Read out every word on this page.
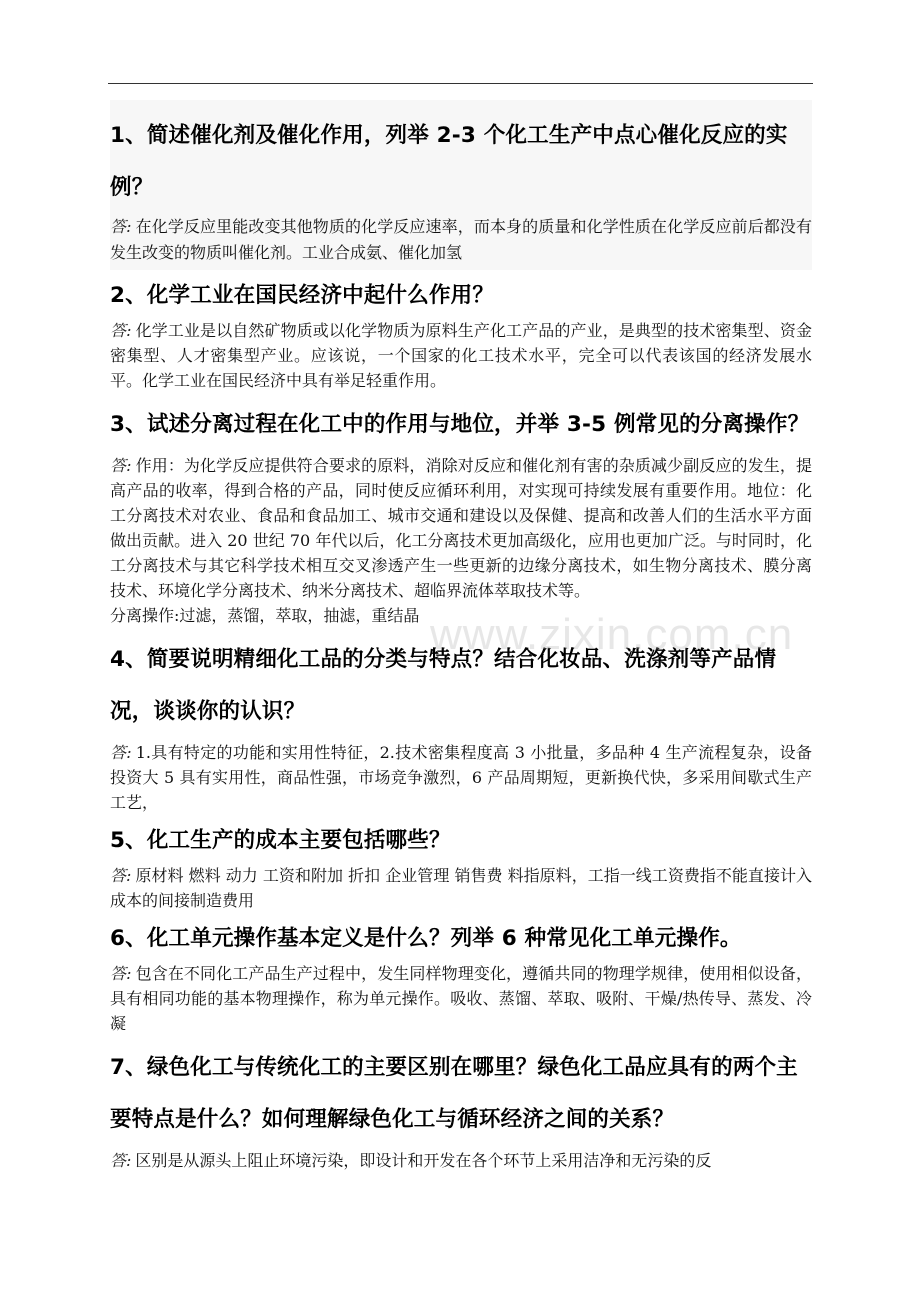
1、简述催化剂及催化作用，列举 2-3 个化工生产中点心催化反应的实例？

答: 在化学反应里能改变其他物质的化学反应速率，而本身的质量和化学性质在化学反应前后都没有发生改变的物质叫催化剂。工业合成氨、催化加氢

2、化学工业在国民经济中起什么作用？

答: 化学工业是以自然矿物质或以化学物质为原料生产化工产品的产业，是典型的技术密集型、资金密集型、人才密集型产业。应该说，一个国家的化工技术水平，完全可以代表该国的经济发展水平。化学工业在国民经济中具有举足轻重作用。

3、试述分离过程在化工中的作用与地位，并举 3-5 例常见的分离操作？

答: 作用：为化学反应提供符合要求的原料，消除对反应和催化剂有害的杂质减少副反应的发生，提高产品的收率，得到合格的产品，同时使反应循环利用，对实现可持续发展有重要作用。地位：化工分离技术对农业、食品和食品加工、城市交通和建设以及保健、提高和改善人们的生活水平方面做出贡献。进入 20 世纪 70 年代以后，化工分离技术更加高级化，应用也更加广泛。与时同时，化工分离技术与其它科学技术相互交叉渗透产生一些更新的边缘分离技术，如生物分离技术、膜分离技术、环境化学分离技术、纳米分离技术、超临界流体萃取技术等。
分离操作:过滤，蒸馏，萃取，抽滤，重结晶

4、简要说明精细化工品的分类与特点？结合化妆品、洗涤剂等产品情况，谈谈你的认识？

答: 1.具有特定的功能和实用性特征，2.技术密集程度高 3 小批量，多品种 4 生产流程复杂，设备投资大 5 具有实用性，商品性强，市场竞争激烈，6 产品周期短，更新换代快，多采用间歇式生产工艺，

5、化工生产的成本主要包括哪些？

答: 原材料 燃料 动力 工资和附加 折扣 企业管理 销售费 料指原料，工指一线工资费指不能直接计入成本的间接制造费用

6、化工单元操作基本定义是什么？列举 6 种常见化工单元操作。

答: 包含在不同化工产品生产过程中，发生同样物理变化，遵循共同的物理学规律，使用相似设备，具有相同功能的基本物理操作，称为单元操作。吸收、蒸馏、萃取、吸附、干燥/热传导、蒸发、冷凝

7、绿色化工与传统化工的主要区别在哪里？绿色化工品应具有的两个主要特点是什么？如何理解绿色化工与循环经济之间的关系？

答: 区别是从源头上阻止环境污染，即设计和开发在各个环节上采用洁净和无污染的反

www.zixin.com.cn
